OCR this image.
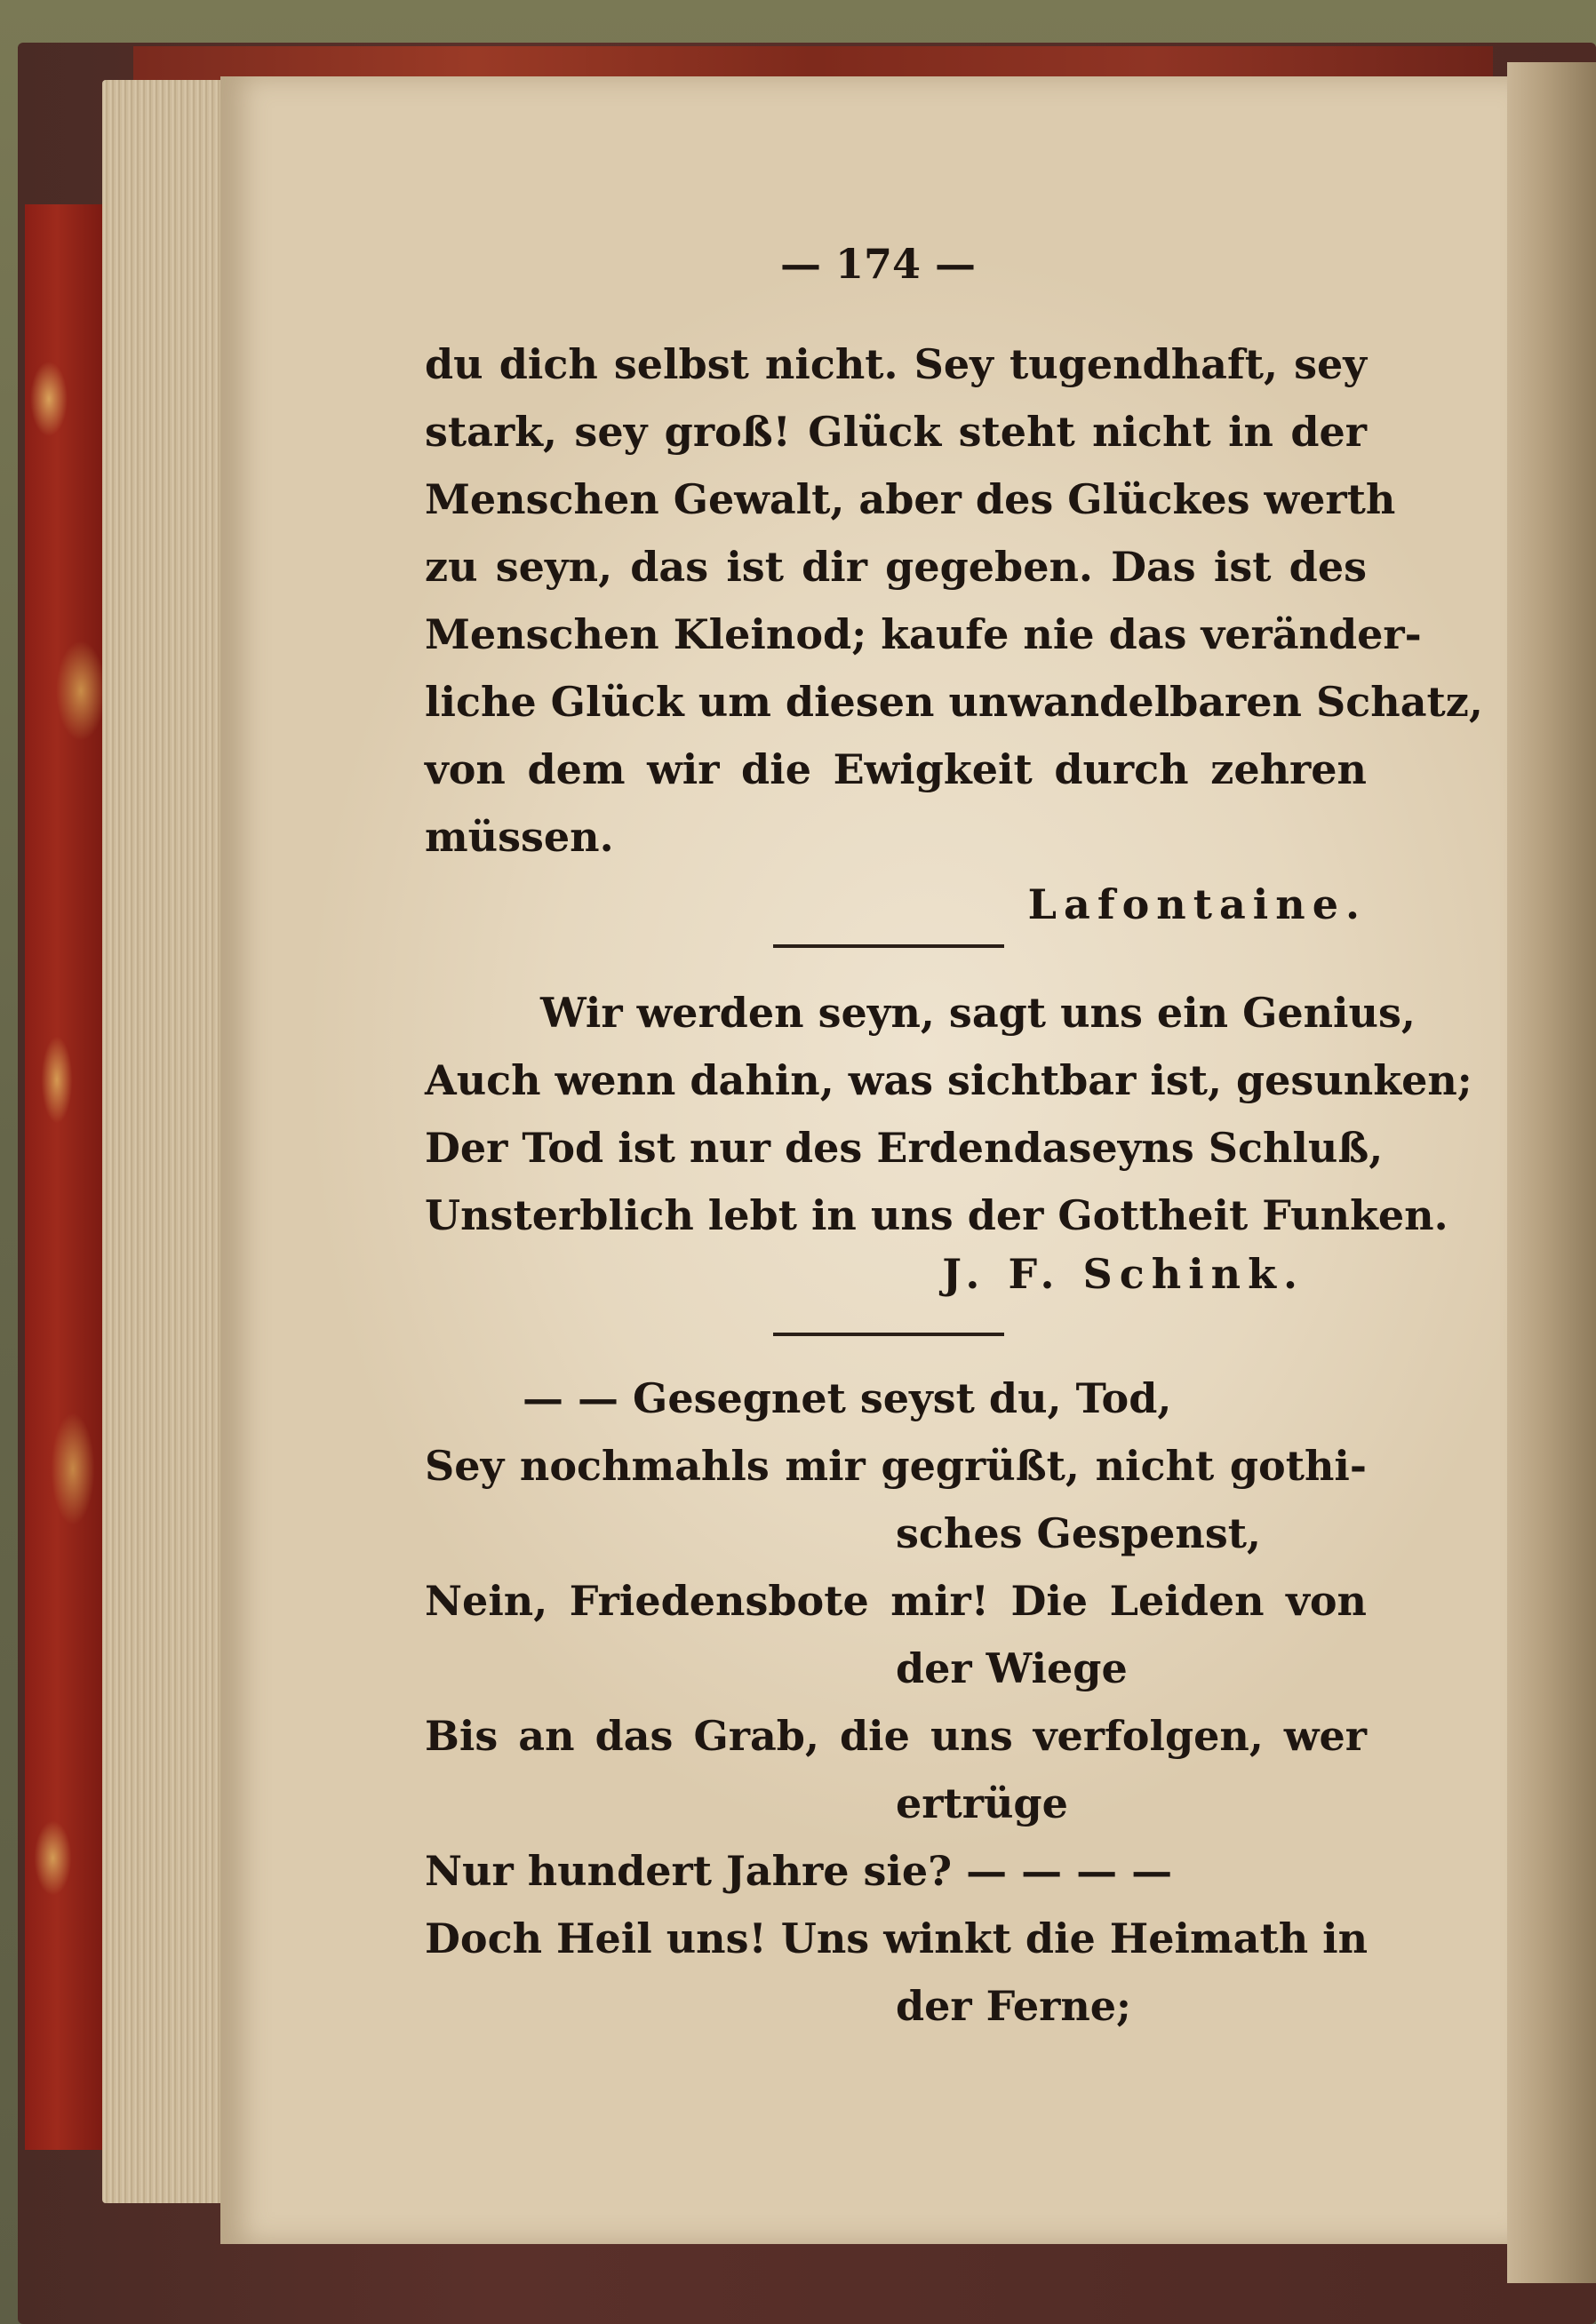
— 174 —
du dich selbst nicht. Sey tugendhaft, sey
stark, sey groß! Glück steht nicht in der
Menschen Gewalt, aber des Glückes werth
zu seyn, das ist dir gegeben. Das ist des
Menschen Kleinod; kaufe nie das veränder-
liche Glück um diesen unwandelbaren Schatz,
von dem wir die Ewigkeit durch zehren
müssen.
Lafontaine.
Wir werden seyn, sagt uns ein Genius,
Auch wenn dahin, was sichtbar ist, gesunken;
Der Tod ist nur des Erdendaseyns Schluß,
Unsterblich lebt in uns der Gottheit Funken.
J. F. Schink.
— — Gesegnet seyst du, Tod,
Sey nochmahls mir gegrüßt, nicht gothi-
sches Gespenst,
Nein, Friedensbote mir! Die Leiden von
der Wiege
Bis an das Grab, die uns verfolgen, wer
ertrüge
Nur hundert Jahre sie? — — — —
Doch Heil uns! Uns winkt die Heimath in
der Ferne;
